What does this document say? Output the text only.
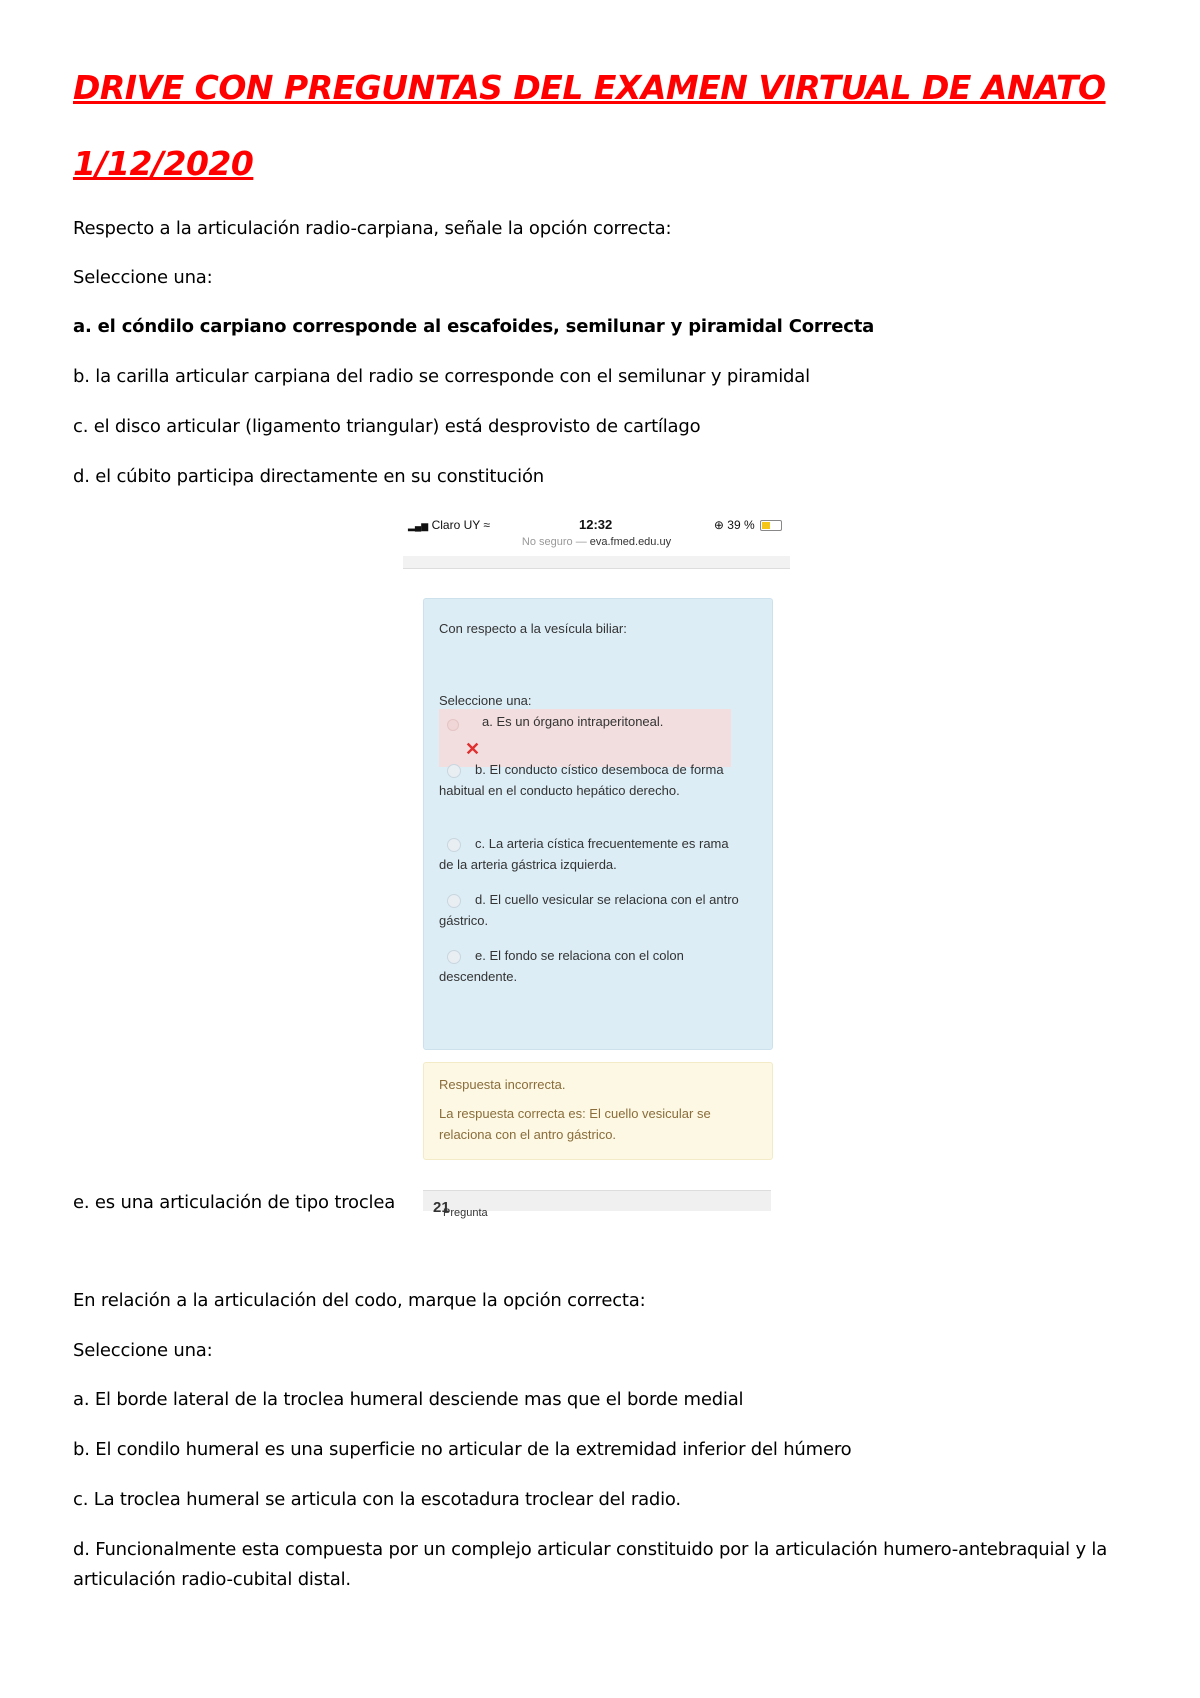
DRIVE CON PREGUNTAS DEL EXAMEN VIRTUAL DE ANATO
1/12/2020

Respecto a la articulación radio-carpiana, señale la opción correcta:

Seleccione una:

a. el cóndilo carpiano corresponde al escafoides, semilunar y piramidal Correcta

b. la carilla articular carpiana del radio se corresponde con el semilunar y piramidal

c. el disco articular (ligamento triangular) está desprovisto de cartílago

d. el cúbito participa directamente en su constitución

▂▄▆ Claro UY ≈	12:32	⊕ 39 %
No seguro — eva.fmed.edu.uy
Con respecto a la vesícula biliar:
Seleccione una:
a. Es un órgano intraperitoneal.
✕
b. El conducto cístico desemboca de forma habitual en el conducto hepático derecho.
c. La arteria cística frecuentemente es rama de la arteria gástrica izquierda.
d. El cuello vesicular se relaciona con el antro gástrico.
e. El fondo se relaciona con el colon descendente.
Respuesta incorrecta.
La respuesta correcta es: El cuello vesicular se relaciona con el antro gástrico.
Pregunta
21

e. es una articulación de tipo troclea

En relación a la articulación del codo, marque la opción correcta:

Seleccione una:

a. El borde lateral de la troclea humeral desciende mas que el borde medial

b. El condilo humeral es una superficie no articular de la extremidad inferior del húmero

c. La troclea humeral se articula con la escotadura troclear del radio.

d. Funcionalmente esta compuesta por un complejo articular constituido por la articulación humero-antebraquial y la

articulación radio-cubital distal.
